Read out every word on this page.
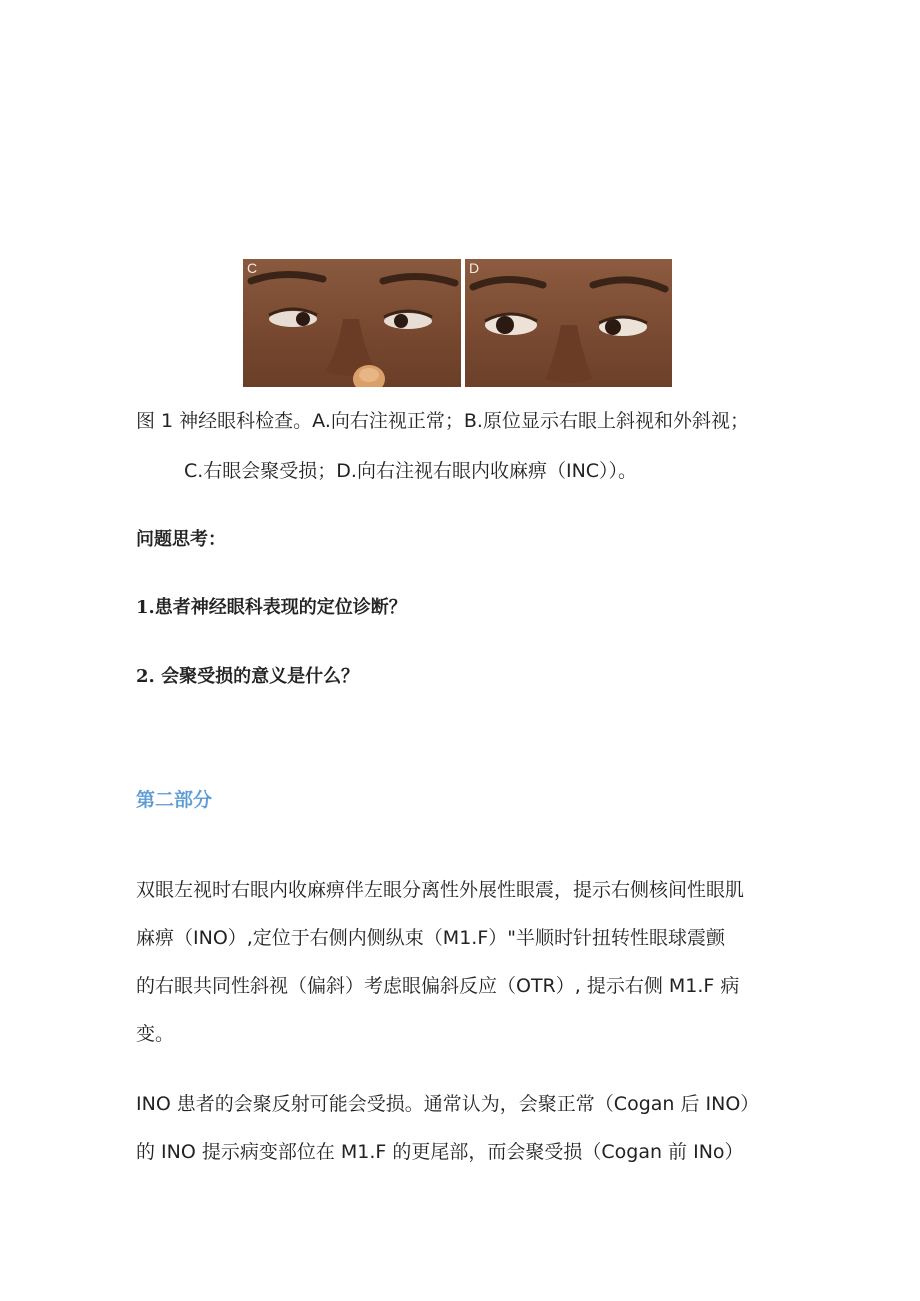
C	D
图 1 神经眼科检查。A.向右注视正常；B.原位显示右眼上斜视和外斜视；
C.右眼会聚受损；D.向右注视右眼内收麻痹（INC））。
问题思考：
1.患者神经眼科表现的定位诊断？
2. 会聚受损的意义是什么？
第二部分
双眼左视时右眼内收麻痹伴左眼分离性外展性眼震，提示右侧核间性眼肌
麻痹（INO）,定位于右侧内侧纵束（M1.F）"半顺时针扭转性眼球震颤
的右眼共同性斜视（偏斜）考虑眼偏斜反应（OTR）, 提示右侧 M1.F 病
变。
INO 患者的会聚反射可能会受损。通常认为，会聚正常（Cogan 后 INO）
的 INO 提示病变部位在 M1.F 的更尾部，而会聚受损（Cogan 前 INo）
